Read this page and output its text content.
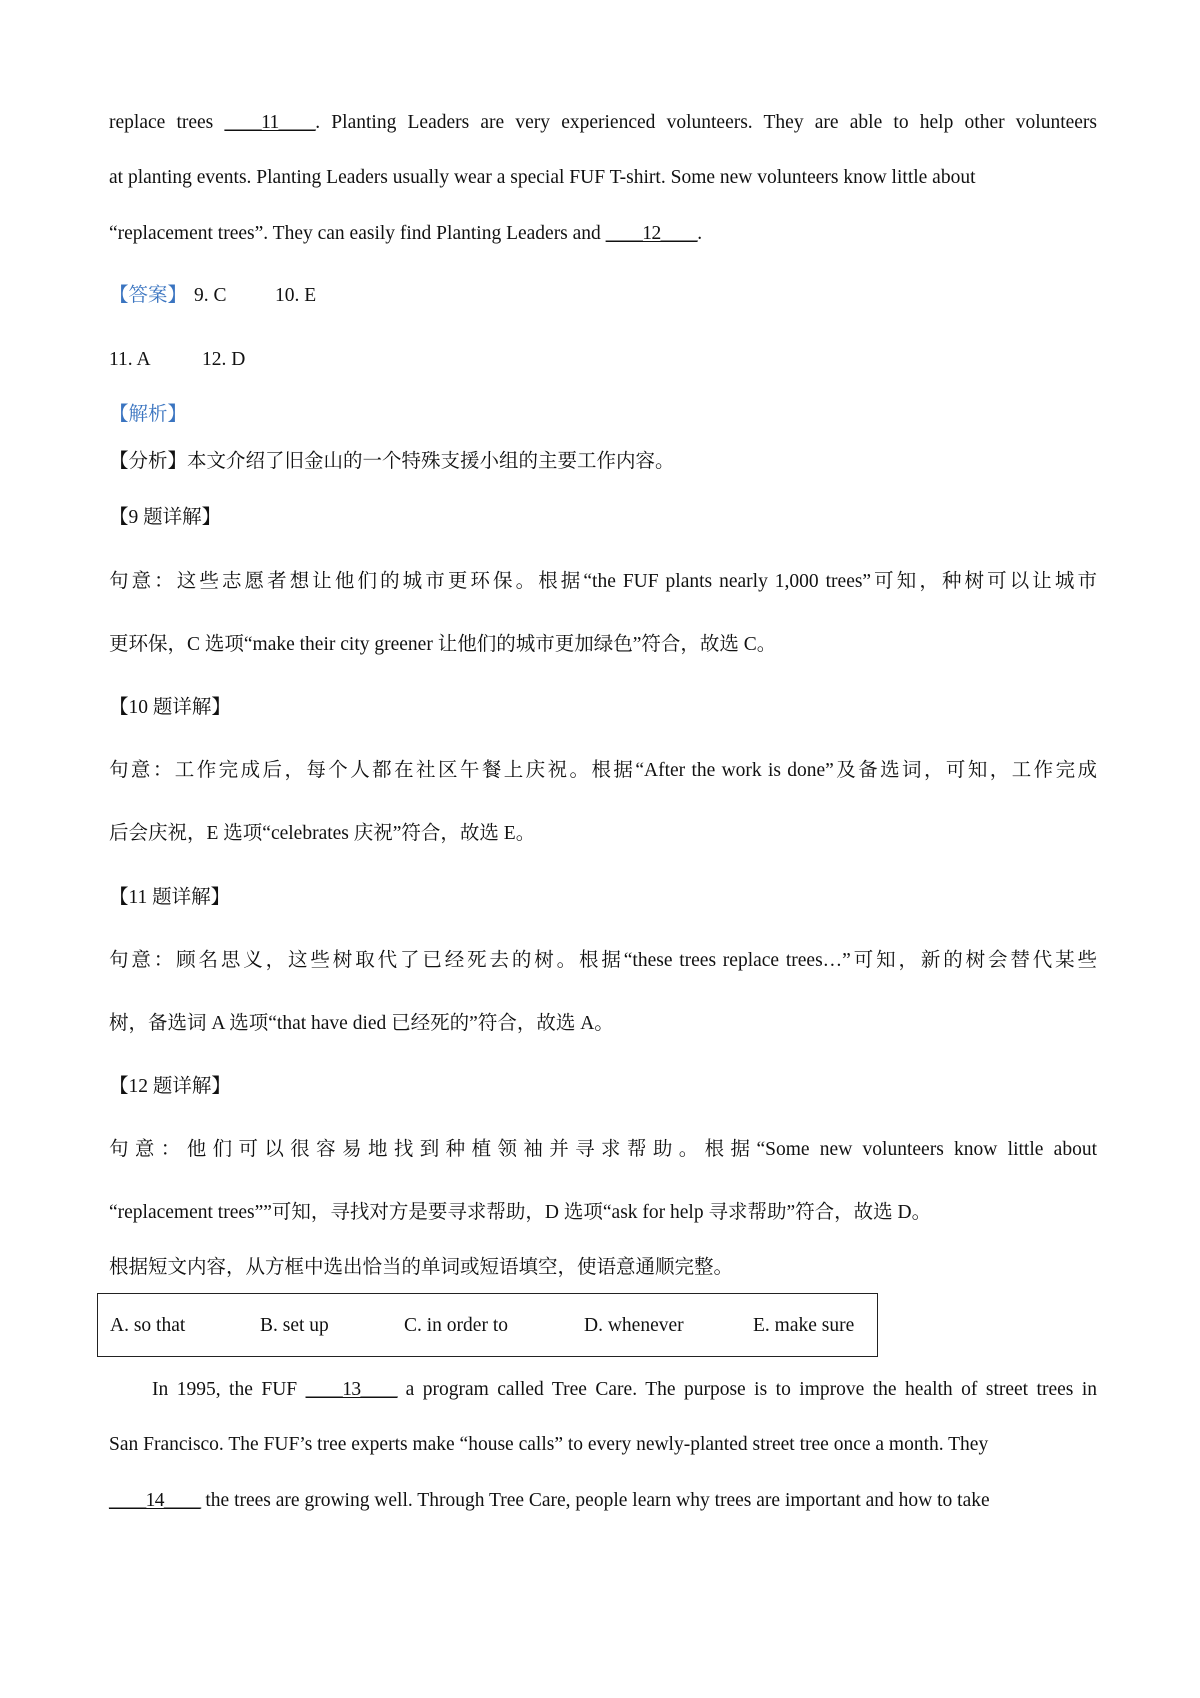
replace trees ____11____. Planting Leaders are very experienced volunteers. They are able to help other volunteers
at planting events. Planting Leaders usually wear a special FUF T-shirt. Some new volunteers know little about
“replacement trees”. They can easily find Planting Leaders and ____12____.
【答案】 9. C 10. E
11. A	12. D
【解析】
【分析】本文介绍了旧金山的一个特殊支援小组的主要工作内容。
【9 题详解】
句意：这些志愿者想让他们的城市更环保。根据“the FUF plants nearly 1,000 trees”可知，种树可以让城市
更环保，C 选项“make their city greener 让他们的城市更加绿色”符合，故选 C。
【10 题详解】
句意：工作完成后，每个人都在社区午餐上庆祝。根据“After the work is done”及备选词，可知，工作完成
后会庆祝，E 选项“celebrates 庆祝”符合，故选 E。
【11 题详解】
句意：顾名思义，这些树取代了已经死去的树。根据“these trees replace trees…”可知，新的树会替代某些
树，备选词 A 选项“that have died 已经死的”符合，故选 A。
【12 题详解】
句意：他们可以很容易地找到种植领袖并寻求帮助。根据“Some new volunteers know little about
“replacement trees””可知，寻找对方是要寻求帮助，D 选项“ask for help 寻求帮助”符合，故选 D。
根据短文内容，从方框中选出恰当的单词或短语填空，使语意通顺完整。
A. so that	B. set up	C. in order to	D. whenever	E. make sure
In 1995, the FUF ____13____ a program called Tree Care. The purpose is to improve the health of street trees in
San Francisco. The FUF’s tree experts make “house calls” to every newly-planted street tree once a month. They
____14____ the trees are growing well. Through Tree Care, people learn why trees are important and how to take
